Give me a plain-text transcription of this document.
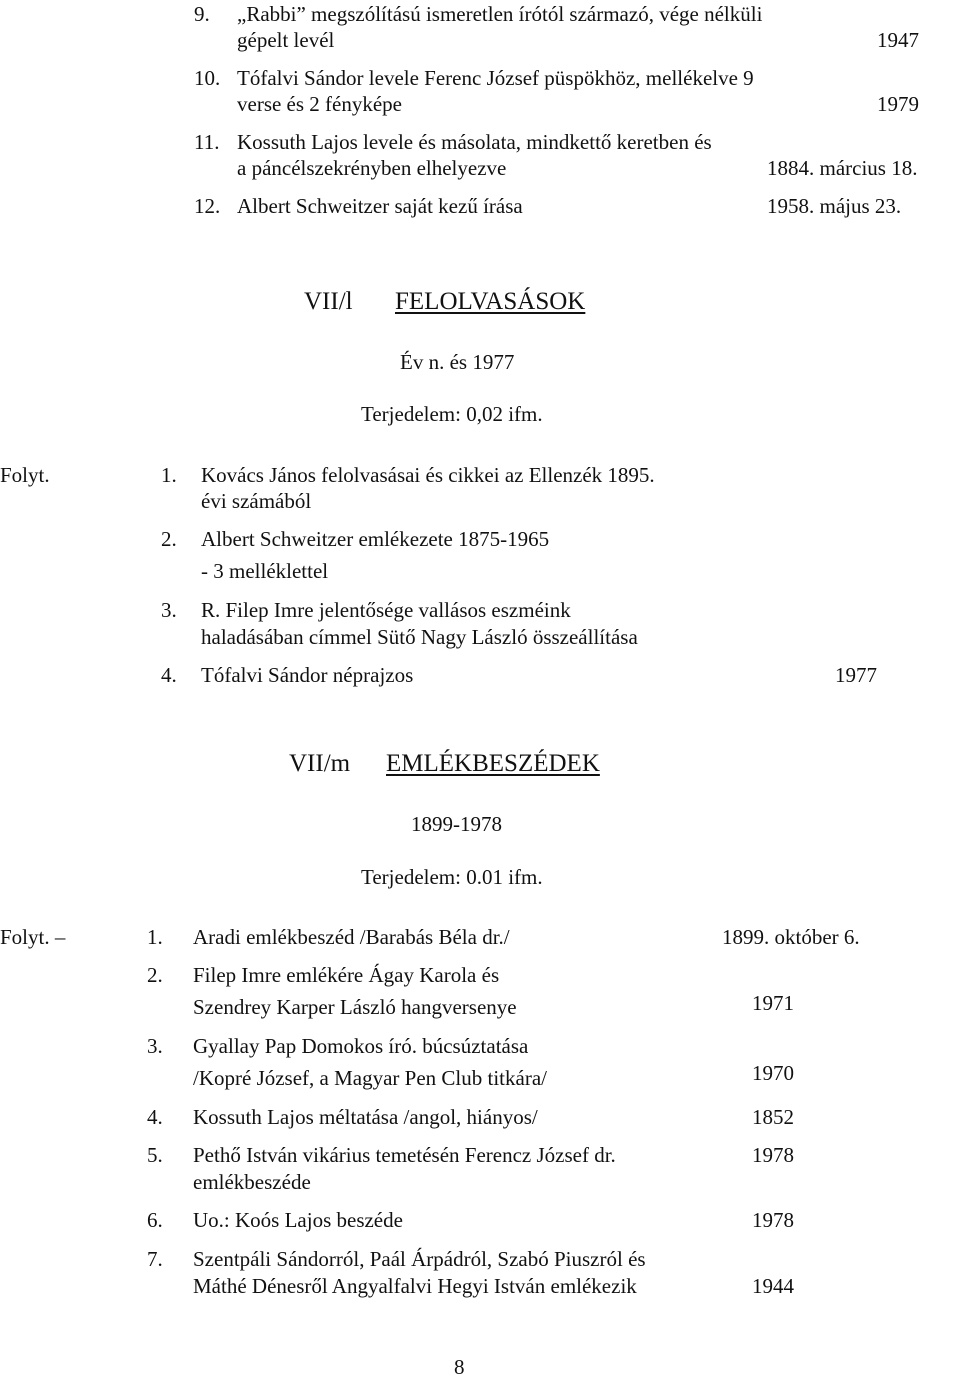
9. „Rabbi” megszólítású ismeretlen írótól származó, vége nélküli
gépelt levél	1947
10. Tófalvi Sándor levele Ferenc József püspökhöz, mellékelve 9
verse és 2 fényképe	1979
11. Kossuth Lajos levele és másolata, mindkettő keretben és
a páncélszekrényben elhelyezve	1884. március 18.
12. Albert Schweitzer saját kezű írása	1958. május 23.
VII/l FELOLVASÁSOK
Év n. és 1977
Terjedelem: 0,02 ifm.
Folyt.	1. Kovács János felolvasásai és cikkei az Ellenzék 1895.
évi számából
2. Albert Schweitzer emlékezete 1875-1965
- 3 melléklettel
3. R. Filep Imre jelentősége vallásos eszméink
haladásában címmel Sütő Nagy László összeállítása
4. Tófalvi Sándor néprajzos	1977
VII/m EMLÉKBESZÉDEK
1899-1978
Terjedelem: 0.01 ifm.
Folyt. –	1. Aradi emlékbeszéd /Barabás Béla dr./	1899. október 6.
2. Filep Imre emlékére Ágay Karola és
Szendrey Karper László hangversenye	1971
3. Gyallay Pap Domokos író. búcsúztatása
/Kopré József, a Magyar Pen Club titkára/	1970
4. Kossuth Lajos méltatása /angol, hiányos/	1852
5. Pethő István vikárius temetésén Ferencz József dr.
emlékbeszéde
1978
6. Uo.: Koós Lajos beszéde	1978
7. Szentpáli Sándorról, Paál Árpádról, Szabó Piuszról és
Máthé Dénesről Angyalfalvi Hegyi István emlékezik	1944
8
